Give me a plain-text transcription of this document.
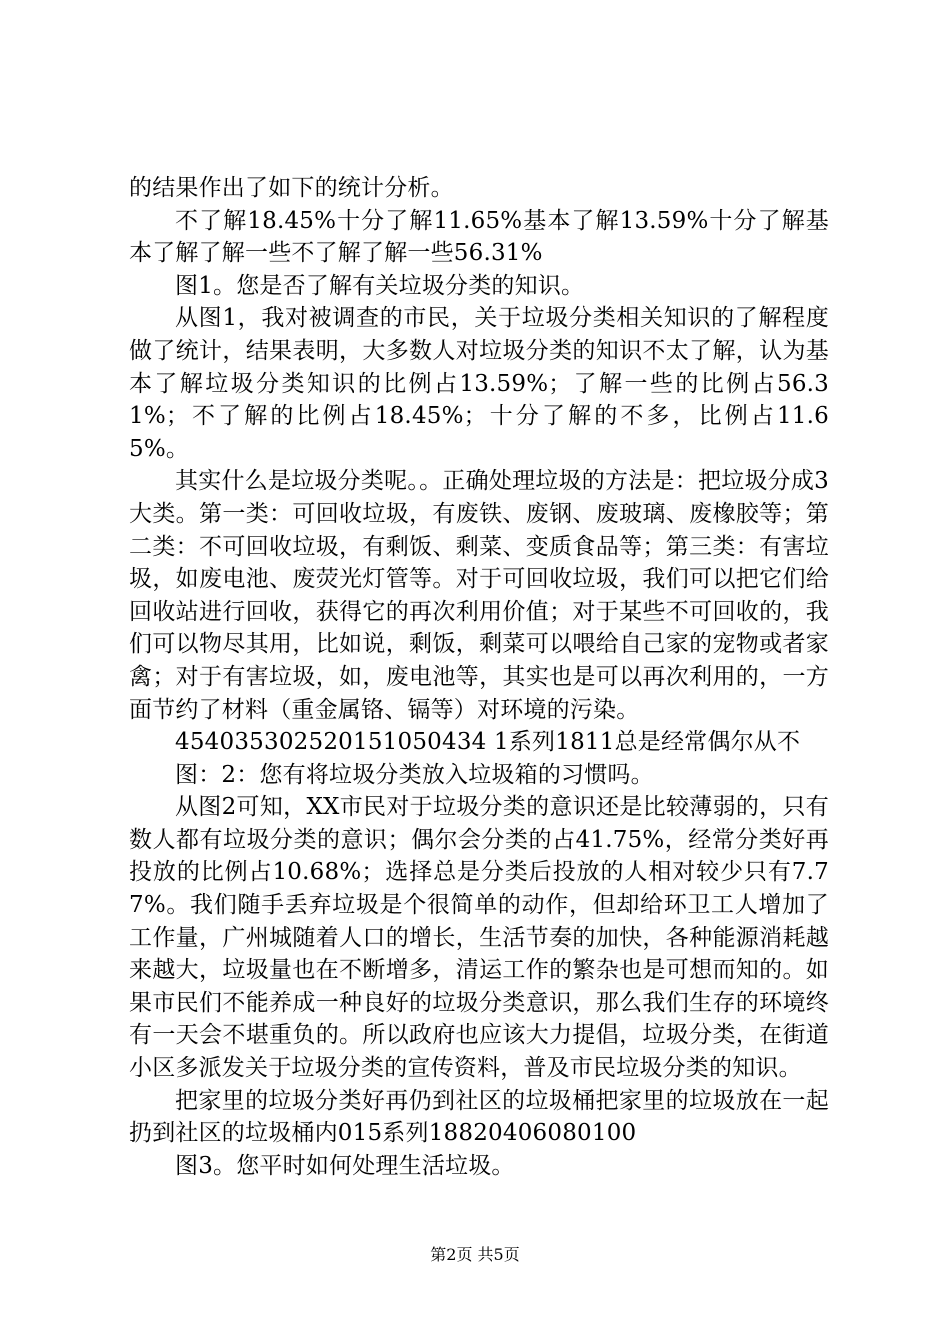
的结果作出了如下的统计分析。

不了解18.45%十分了解11.65%基本了解13.59%十分了解基本了解了解一些不了解了解一些56.31%

图1。您是否了解有关垃圾分类的知识。

从图1，我对被调查的市民，关于垃圾分类相关知识的了解程度做了统计，结果表明，大多数人对垃圾分类的知识不太了解，认为基本了解垃圾分类知识的比例占13.59%；了解一些的比例占56.31%；不了解的比例占18.45%；十分了解的不多，比例占11.65%。

其实什么是垃圾分类呢。。正确处理垃圾的方法是：把垃圾分成3大类。第一类：可回收垃圾，有废铁、废钢、废玻璃、废橡胶等；第二类：不可回收垃圾，有剩饭、剩菜、变质食品等；第三类：有害垃圾，如废电池、废荧光灯管等。对于可回收垃圾，我们可以把它们给回收站进行回收，获得它的再次利用价值；对于某些不可回收的，我们可以物尽其用，比如说，剩饭，剩菜可以喂给自己家的宠物或者家禽；对于有害垃圾，如，废电池等，其实也是可以再次利用的，一方面节约了材料（重金属铬、镉等）对环境的污染。

454035302520151050434 1系列1811总是经常偶尔从不

图：2：您有将垃圾分类放入垃圾箱的习惯吗。

从图2可知，XX市民对于垃圾分类的意识还是比较薄弱的，只有数人都有垃圾分类的意识；偶尔会分类的占41.75%，经常分类好再投放的比例占10.68%；选择总是分类后投放的人相对较少只有7.77%。我们随手丢弃垃圾是个很简单的动作，但却给环卫工人增加了工作量，广州城随着人口的增长，生活节奏的加快，各种能源消耗越来越大，垃圾量也在不断增多，清运工作的繁杂也是可想而知的。如果市民们不能养成一种良好的垃圾分类意识，那么我们生存的环境终有一天会不堪重负的。所以政府也应该大力提倡，垃圾分类，在街道小区多派发关于垃圾分类的宣传资料，普及市民垃圾分类的知识。

把家里的垃圾分类好再仍到社区的垃圾桶把家里的垃圾放在一起扔到社区的垃圾桶内015系列18820406080100

图3。您平时如何处理生活垃圾。

第2页 共5页
